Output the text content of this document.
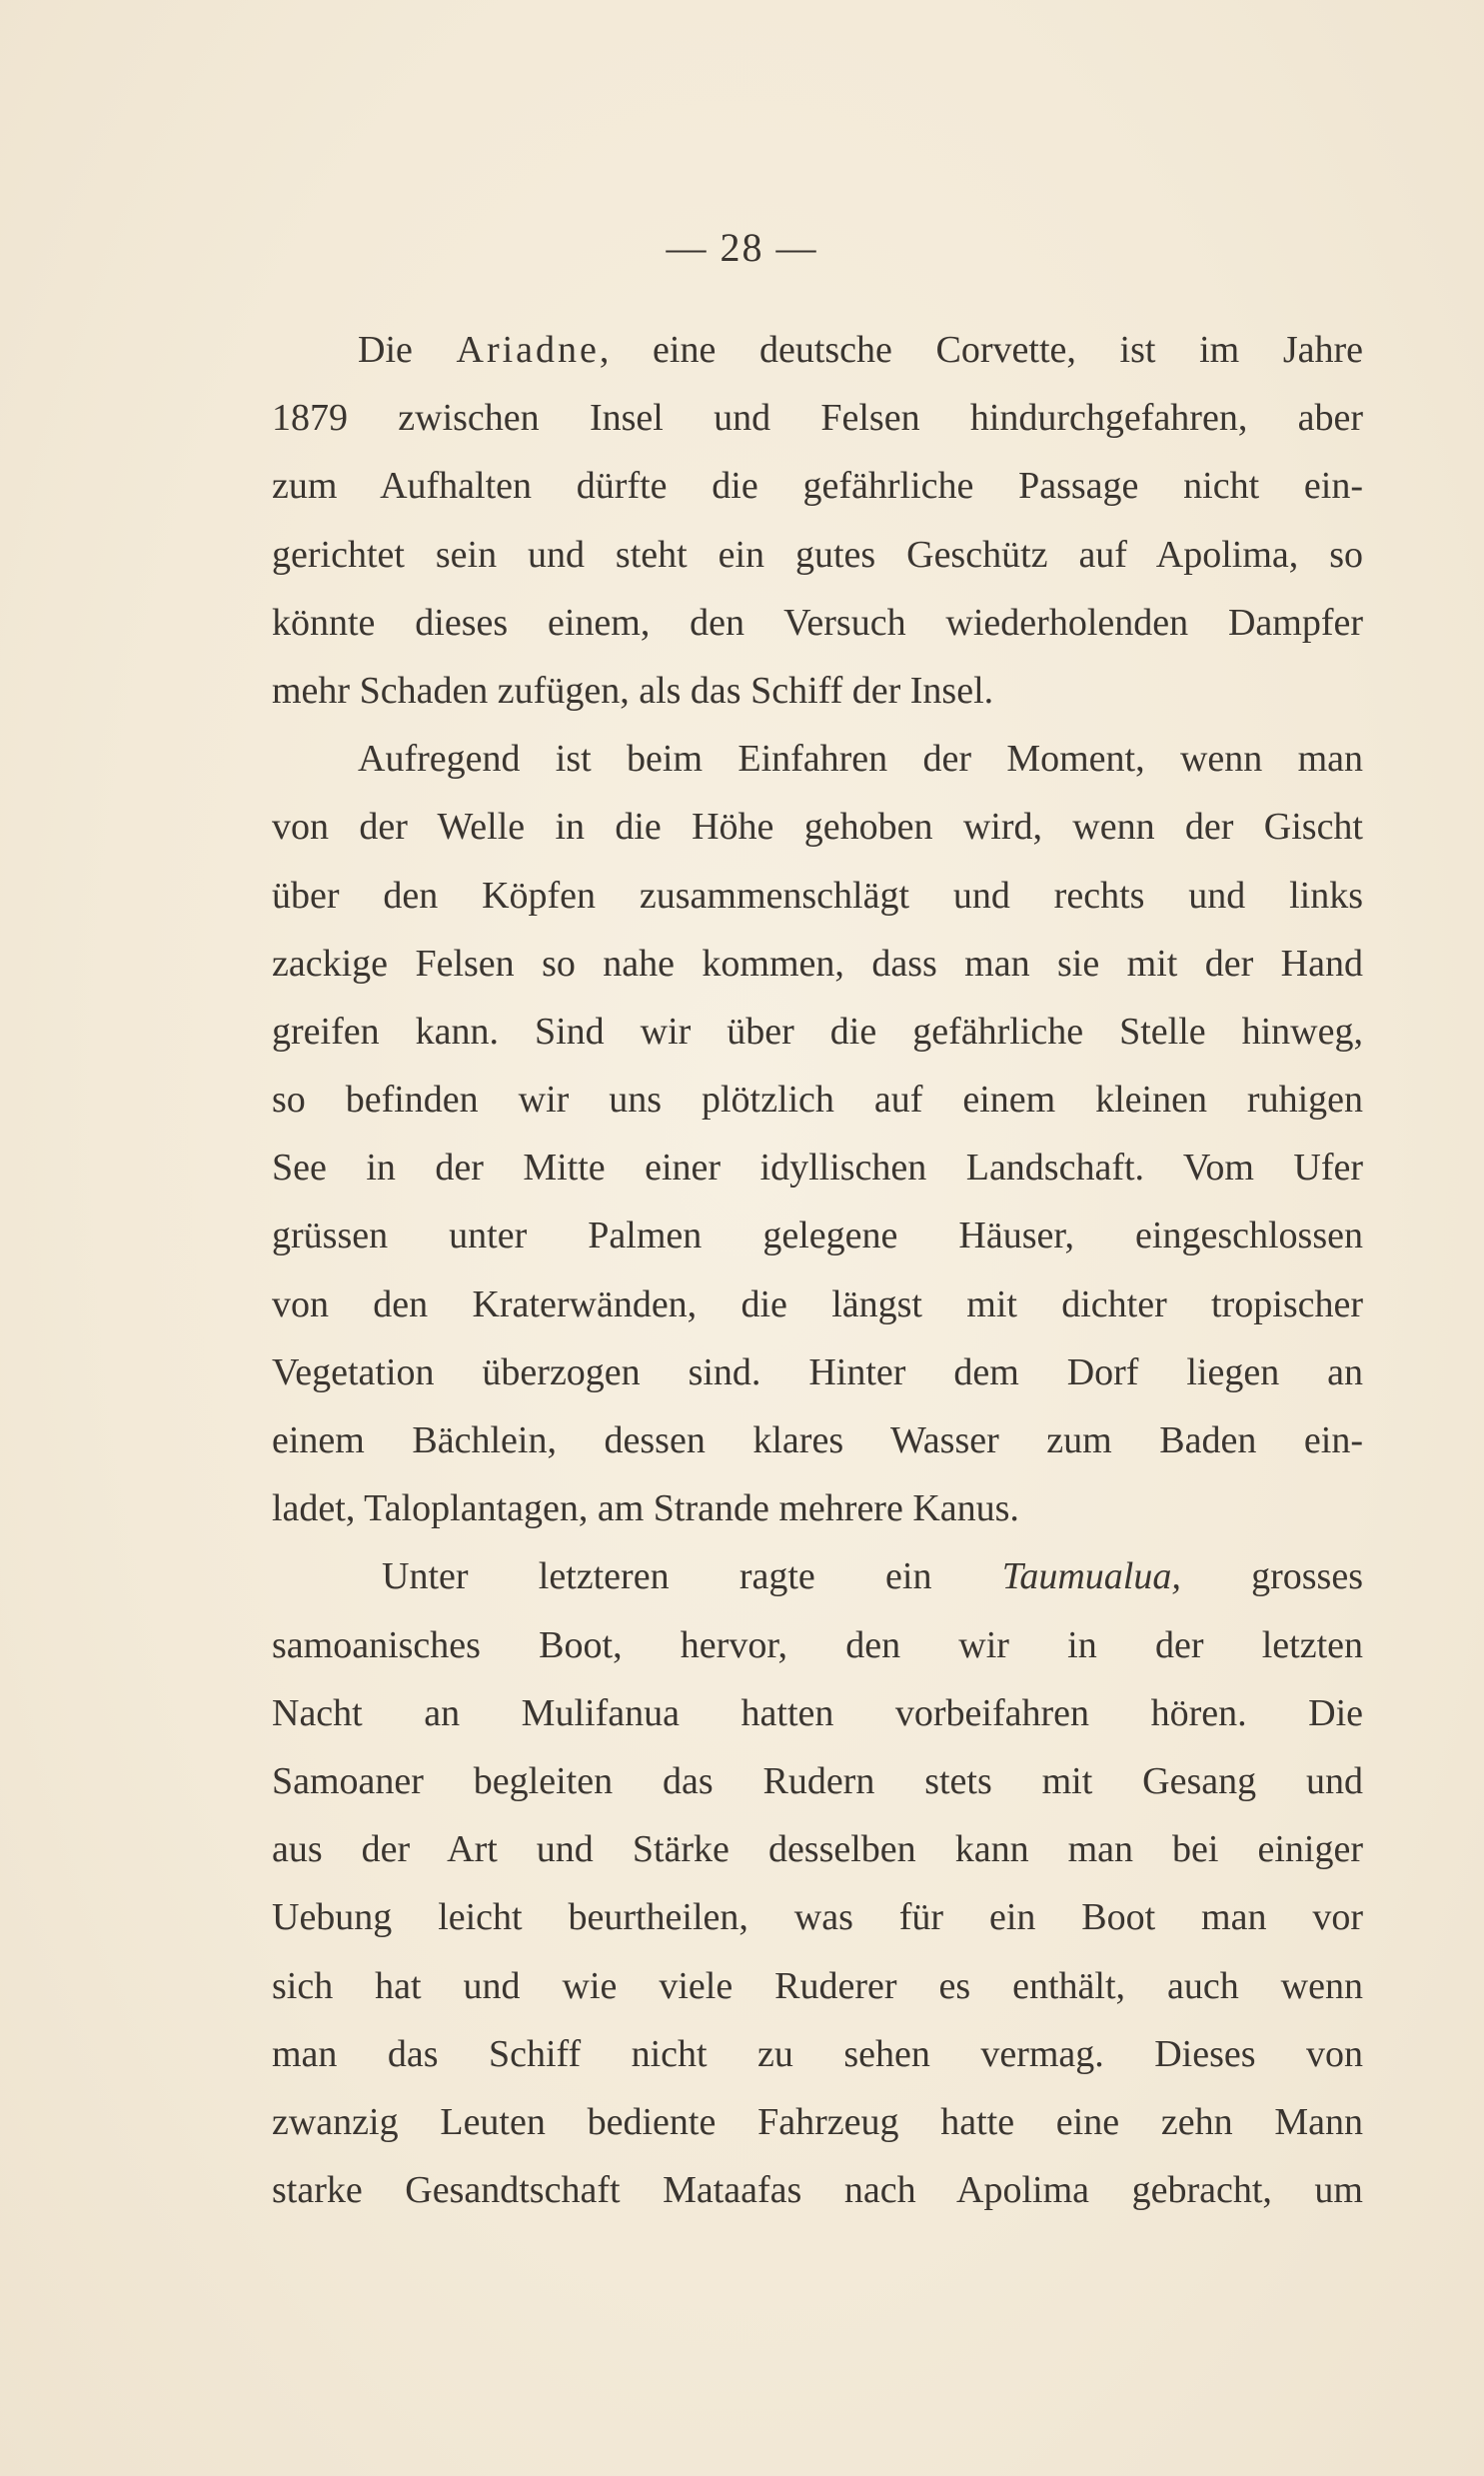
— 28 —
Die Ariadne, eine deutsche Corvette, ist im Jahre
1879 zwischen Insel und Felsen hindurchgefahren, aber
zum Aufhalten dürfte die gefährliche Passage nicht ein-
gerichtet sein und steht ein gutes Geschütz auf Apolima, so
könnte dieses einem, den Versuch wiederholenden Dampfer
mehr Schaden zufügen, als das Schiff der Insel.
Aufregend ist beim Einfahren der Moment, wenn man
von der Welle in die Höhe gehoben wird, wenn der Gischt
über den Köpfen zusammenschlägt und rechts und links
zackige Felsen so nahe kommen, dass man sie mit der Hand
greifen kann. Sind wir über die gefährliche Stelle hinweg,
so befinden wir uns plötzlich auf einem kleinen ruhigen
See in der Mitte einer idyllischen Landschaft. Vom Ufer
grüssen unter Palmen gelegene Häuser, eingeschlossen
von den Kraterwänden, die längst mit dichter tropischer
Vegetation überzogen sind. Hinter dem Dorf liegen an
einem Bächlein, dessen klares Wasser zum Baden ein-
ladet, Taloplantagen, am Strande mehrere Kanus.
Unter letzteren ragte ein Taumualua, grosses
samoanisches Boot, hervor, den wir in der letzten
Nacht an Mulifanua hatten vorbeifahren hören. Die
Samoaner begleiten das Rudern stets mit Gesang und
aus der Art und Stärke desselben kann man bei einiger
Uebung leicht beurtheilen, was für ein Boot man vor
sich hat und wie viele Ruderer es enthält, auch wenn
man das Schiff nicht zu sehen vermag. Dieses von
zwanzig Leuten bediente Fahrzeug hatte eine zehn Mann
starke Gesandtschaft Mataafas nach Apolima gebracht, um
